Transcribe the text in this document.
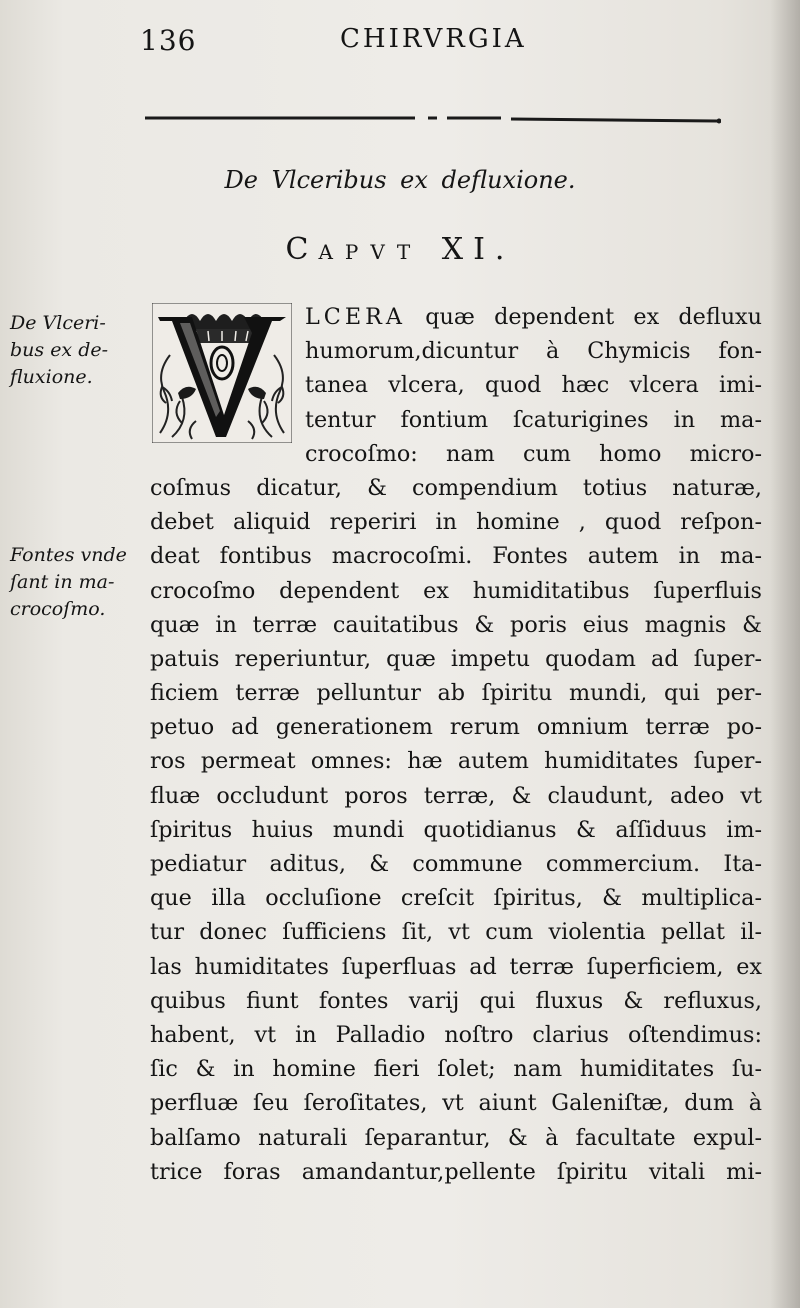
136	CHIRVRGIA
De Vlceribus ex defluxione.
CAPVT XI.
LCERA quæ dependent ex defluxu
humorum,dicuntur à Chymicis fon-
tanea vlcera, quod hæc vlcera imi-
tentur fontium ſcaturigines in ma-
crocoſmo: nam cum homo micro-
coſmus dicatur, & compendium totius naturæ,
debet aliquid reperiri in homine , quod reſpon-
deat fontibus macrocoſmi. Fontes autem in ma-
crocoſmo dependent ex humiditatibus ſuperfluis
quæ in terræ cauitatibus & poris eius magnis &
patuis reperiuntur, quæ impetu quodam ad ſuper-
ficiem terræ pelluntur ab ſpiritu mundi, qui per-
petuo ad generationem rerum omnium terræ po-
ros permeat omnes: hæ autem humiditates ſuper-
fluæ occludunt poros terræ, & claudunt, adeo vt
ſpiritus huius mundi quotidianus & aſſiduus im-
pediatur aditus, & commune commercium. Ita-
que illa occluſione creſcit ſpiritus, & multiplica-
tur donec ſufficiens ſit, vt cum violentia pellat il-
las humiditates ſuperfluas ad terræ ſuperficiem, ex
quibus fiunt fontes varij qui fluxus & refluxus,
habent, vt in Palladio noſtro clarius oſtendimus:
ſic & in homine fieri ſolet; nam humiditates ſu-
perfluæ ſeu ſeroſitates, vt aiunt Galeniſtæ, dum à
balſamo naturali ſeparantur, & à facultate expul-
trice foras amandantur,pellente ſpiritu vitali mi-
De Vlceri-
bus ex de-
fluxione.
Fontes vnde
ſant in ma-
crocoſmo.
